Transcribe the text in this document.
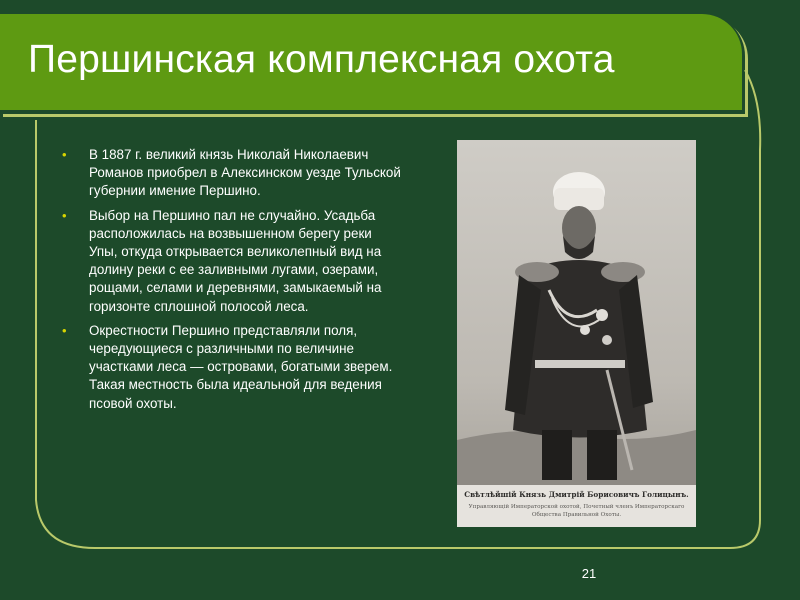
Першинская комплексная охота
• В 1887 г. великий князь Николай Николаевич Романов приобрел в Алексинском уезде Тульской губернии имение Першино.
• Выбор на Першино пал не случайно. Усадьба расположилась на возвышенном берегу реки Упы, откуда открывается великолепный вид на долину реки с ее заливными лугами, озерами, рощами, селами и деревнями, замыкаемый на горизонте сплошной полосой леса.
• Окрестности Першино представляли поля, чередующиеся с различными по величине участками леса — островами, богатыми зверем. Такая местность была идеальной для ведения псовой охоты.
Свѣтлѣйшій Князь Дмитрій Борисовичъ Голицынъ.
Управляющій Императорской охотой, Почетный членъ Императорскаго Общества Правильной Охоты.
21
